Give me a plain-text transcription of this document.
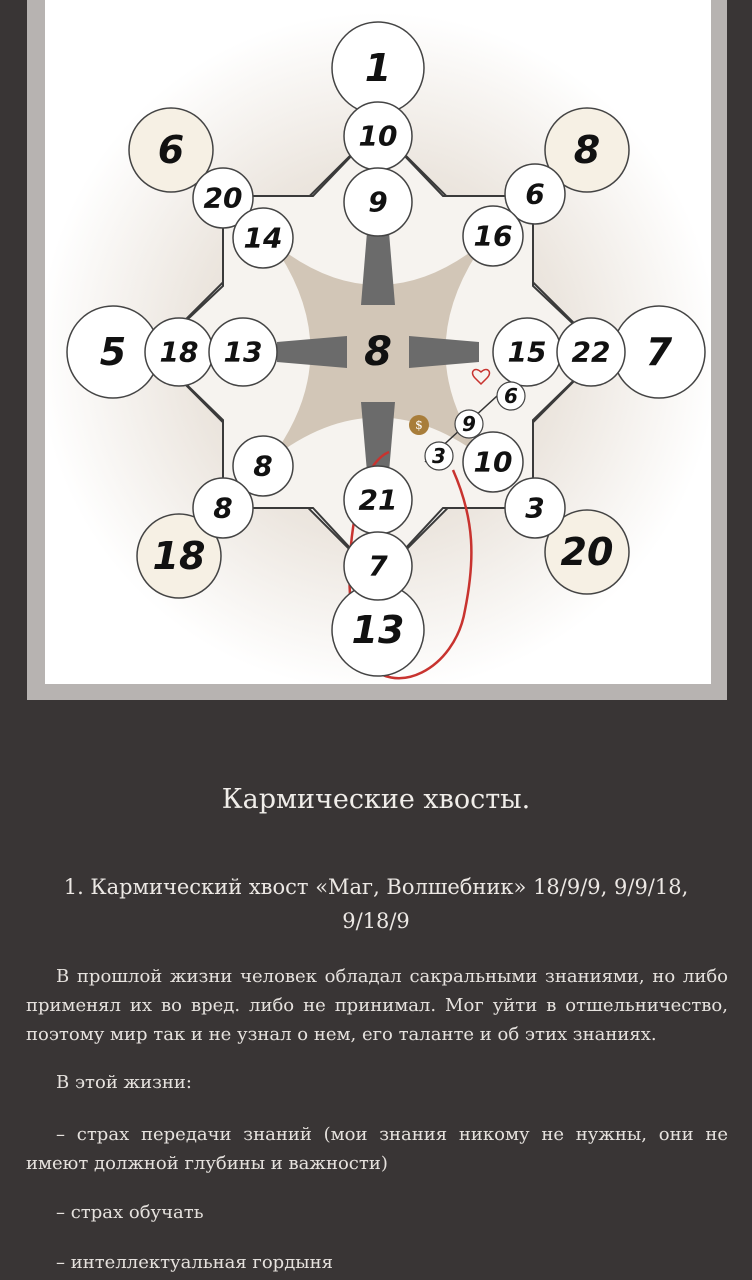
$
1
13
5	7
6	8
18	20
10
9
21
7
18 13	15 22
20
14
6
16
8
8
10
3
8
6
9
3
Кармические хвосты.
1. Кармический хвост «Маг, Волшебник» 18/9/9, 9/9/18, 9/18/9

В прошлой жизни человек обладал сакральными знаниями, но либо применял их во вред. либо не принимал. Мог уйти в отшельничество, поэтому мир так и не узнал о нем, его таланте и об этих знаниях.

В этой жизни:

– страх передачи знаний (мои знания никому не нужны, они не имеют должной глубины и важности)

– страх обучать

– интеллектуальная гордыня
